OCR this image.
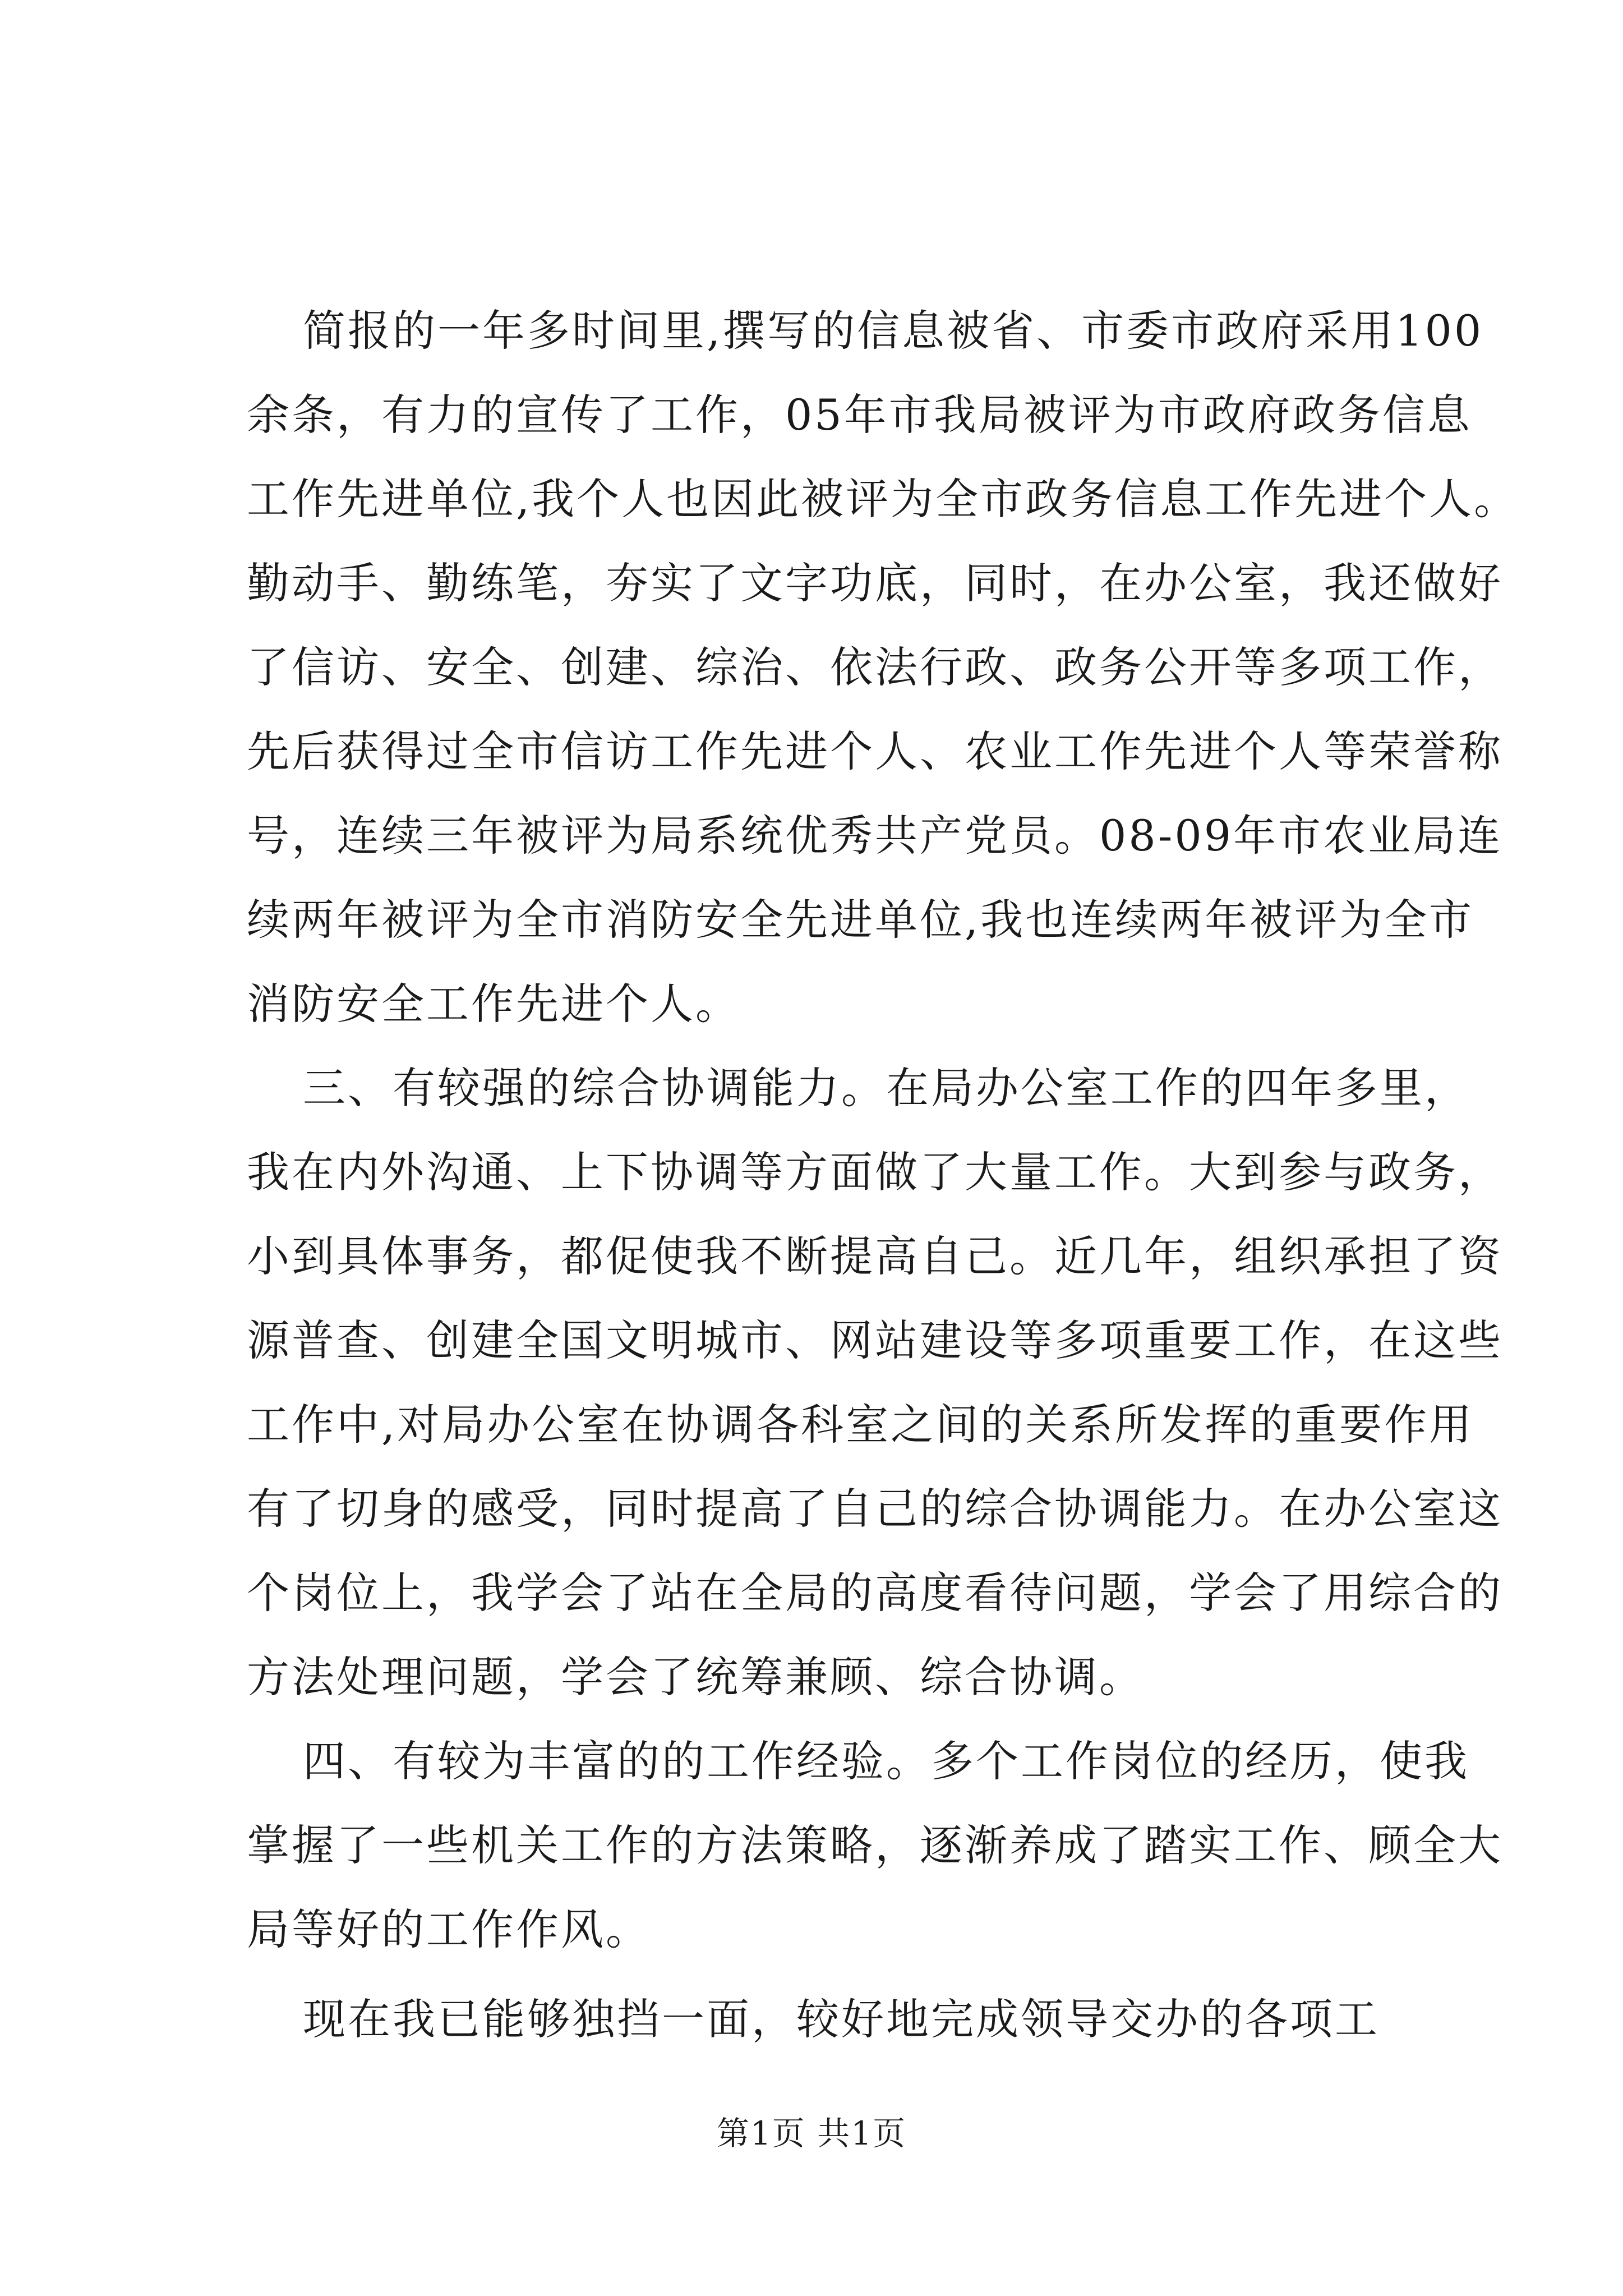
简报的一年多时间里,撰写的信息被省、市委市政府采用100
余条，有力的宣传了工作，05年市我局被评为市政府政务信息
工作先进单位,我个人也因此被评为全市政务信息工作先进个人。
勤动手、勤练笔，夯实了文字功底，同时，在办公室，我还做好
了信访、安全、创建、综治、依法行政、政务公开等多项工作，
先后获得过全市信访工作先进个人、农业工作先进个人等荣誉称
号，连续三年被评为局系统优秀共产党员。08-09年市农业局连
续两年被评为全市消防安全先进单位,我也连续两年被评为全市
消防安全工作先进个人。
三、有较强的综合协调能力。在局办公室工作的四年多里，
我在内外沟通、上下协调等方面做了大量工作。大到参与政务，
小到具体事务，都促使我不断提高自己。近几年，组织承担了资
源普查、创建全国文明城市、网站建设等多项重要工作，在这些
工作中,对局办公室在协调各科室之间的关系所发挥的重要作用
有了切身的感受，同时提高了自己的综合协调能力。在办公室这
个岗位上，我学会了站在全局的高度看待问题，学会了用综合的
方法处理问题，学会了统筹兼顾、综合协调。
四、有较为丰富的的工作经验。多个工作岗位的经历，使我
掌握了一些机关工作的方法策略，逐渐养成了踏实工作、顾全大
局等好的工作作风。
现在我已能够独挡一面，较好地完成领导交办的各项工
第1页 共1页
